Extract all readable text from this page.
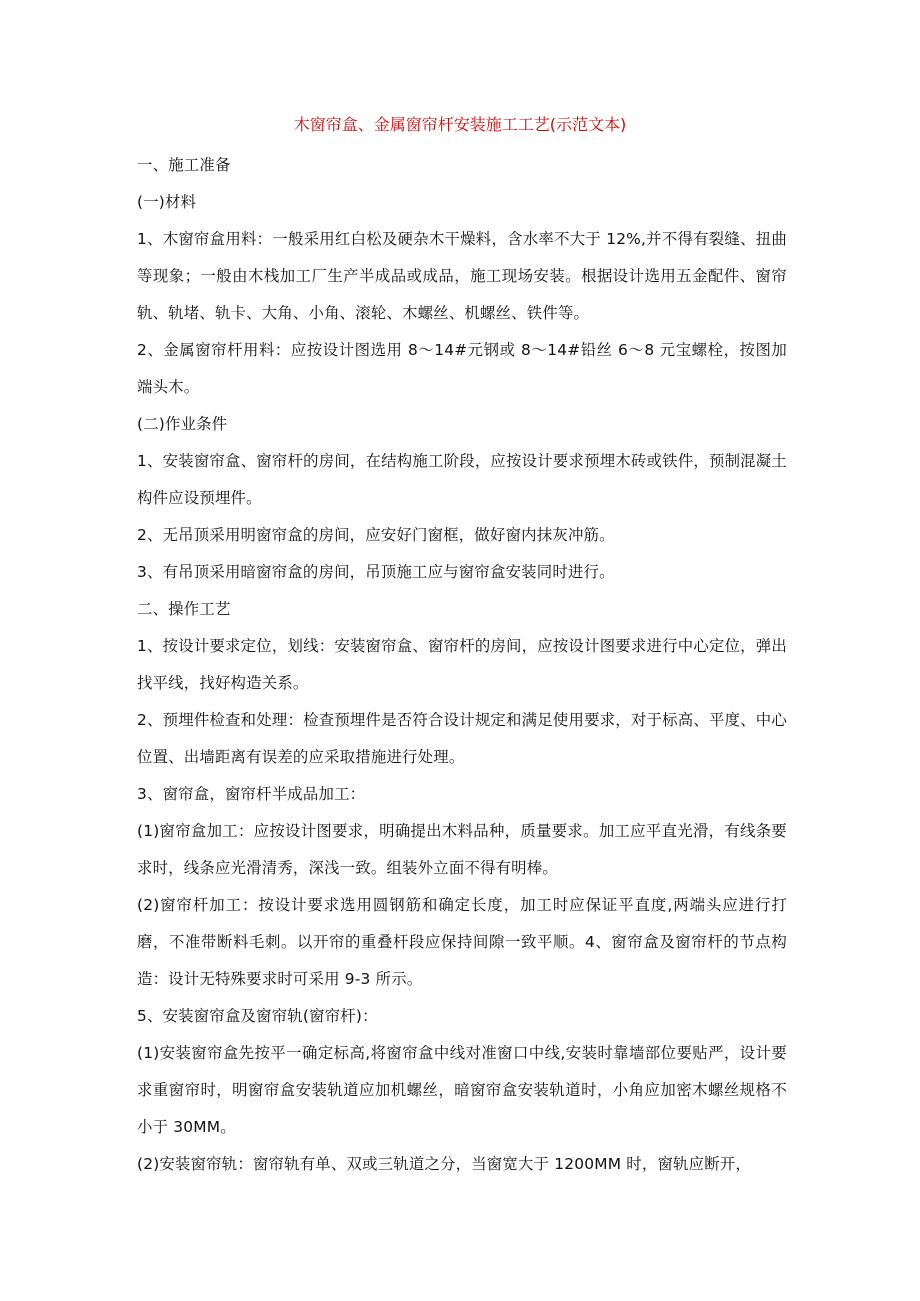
木窗帘盒、金属窗帘杆安装施工工艺(示范文本)

一、施工准备

(一)材料

1、木窗帘盒用料：一般采用红白松及硬杂木干燥料，含水率不大于 12%,并不得有裂缝、扭曲等现象；一般由木栈加工厂生产半成品或成品，施工现场安装。根据设计选用五金配件、窗帘轨、轨堵、轨卡、大角、小角、滚轮、木螺丝、机螺丝、铁件等。

2、金属窗帘杆用料：应按设计图选用 8～14#元钢或 8～14#铅丝 6～8 元宝螺栓，按图加端头木。

(二)作业条件

1、安装窗帘盒、窗帘杆的房间，在结构施工阶段，应按设计要求预埋木砖或铁件，预制混凝土构件应设预埋件。

2、无吊顶采用明窗帘盒的房间，应安好门窗框，做好窗内抹灰冲筋。

3、有吊顶采用暗窗帘盒的房间，吊顶施工应与窗帘盒安装同时进行。

二、操作工艺

1、按设计要求定位，划线：安装窗帘盒、窗帘杆的房间，应按设计图要求进行中心定位，弹出找平线，找好构造关系。

2、预埋件检查和处理：检查预埋件是否符合设计规定和满足使用要求，对于标高、平度、中心位置、出墙距离有误差的应采取措施进行处理。

3、窗帘盒，窗帘杆半成品加工：

(1)窗帘盒加工：应按设计图要求，明确提出木料品种，质量要求。加工应平直光滑，有线条要求时，线条应光滑清秀，深浅一致。组装外立面不得有明棒。

(2)窗帘杆加工：按设计要求选用圆钢筋和确定长度，加工时应保证平直度,两端头应进行打磨，不准带断料毛刺。以开帘的重叠杆段应保持间隙一致平顺。4、窗帘盒及窗帘杆的节点构造：设计无特殊要求时可采用 9-3 所示。

5、安装窗帘盒及窗帘轨(窗帘杆)：

(1)安装窗帘盒先按平一确定标高,将窗帘盒中线对准窗口中线,安装时靠墙部位要贴严，设计要求重窗帘时，明窗帘盒安装轨道应加机螺丝，暗窗帘盒安装轨道时，小角应加密木螺丝规格不小于 30MM。

(2)安装窗帘轨：窗帘轨有单、双或三轨道之分，当窗宽大于 1200MM 时，窗轨应断开，
